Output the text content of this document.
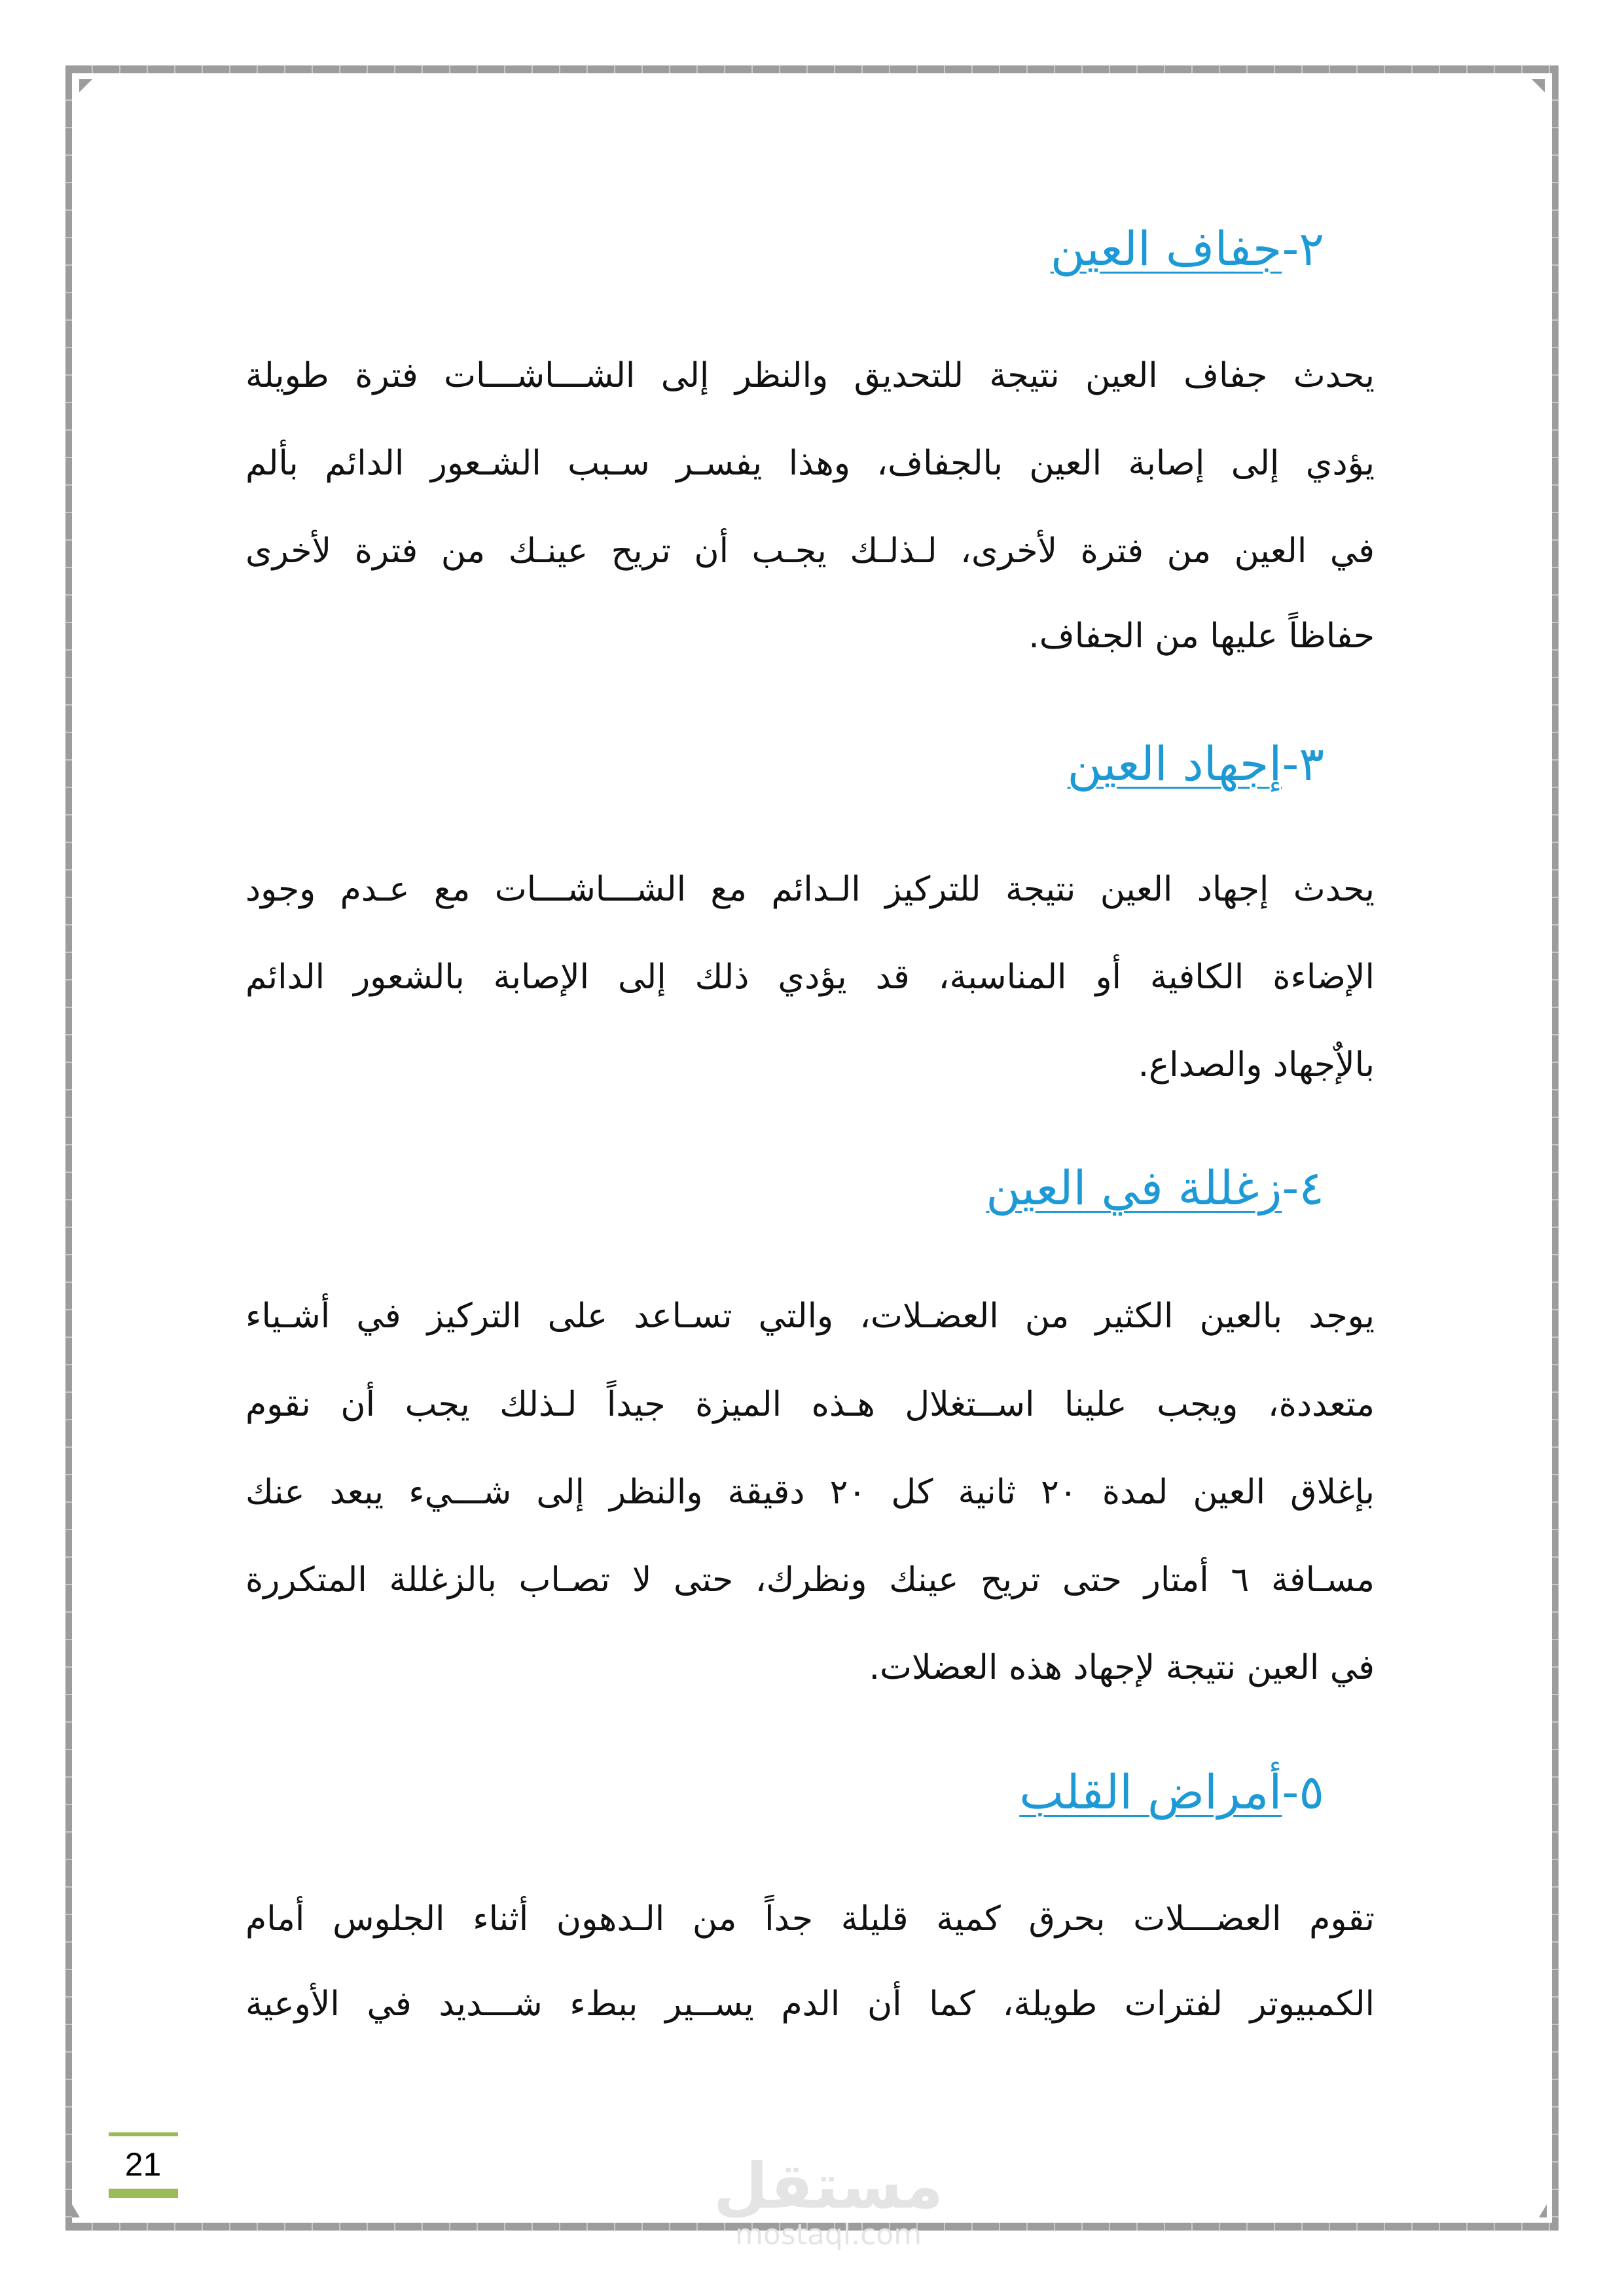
٢-جفاف العين
يحدث جفاف العين نتيجة للتحديق والنظر إلى الشـــاشـــات فترة طويلة
يؤدي إلى إصابة العين بالجفاف، وهذا يفسـر سـبب الشـعور الدائم بألم
في العين من فترة لأخرى، لـذلـك يجـب أن تريح عينـك من فترة لأخرى
حفاظاً عليها من الجفاف.
٣-إجهاد العين
يحدث إجهاد العين نتيجة للتركيز الـدائم مع الشـــاشـــات مع عـدم وجود
الإضاءة الكافية أو المناسبة، قد يؤدي ذلك إلى الإصابة بالشعور الدائم
بالإٌجهاد والصداع.
٤-زغللة في العين
يوجد بالعين الكثير من العضـلات، والتي تسـاعد على التركيز في أشـياء
متعددة، ويجب علينا اســتغلال هـذه الميزة جيداً لـذلك يجب أن نقوم
بإغلاق العين لمدة ٢٠ ثانية كل ٢٠ دقيقة والنظر إلى شـــيء يبعد عنك
مسـافة ٦ أمتار حتى تريح عينك ونظرك، حتى لا تصـاب بالزغللة المتكررة
في العين نتيجة لإجهاد هذه العضلات.
٥-أمراض القلب
تقوم العضـــلات بحرق كمية قليلة جداً من الـدهون أثناء الجلوس أمام
الكمبيوتر لفترات طويلة، كما أن الدم يســير ببطء شـــديد في الأوعية
21	مستقل
mostaql.com
